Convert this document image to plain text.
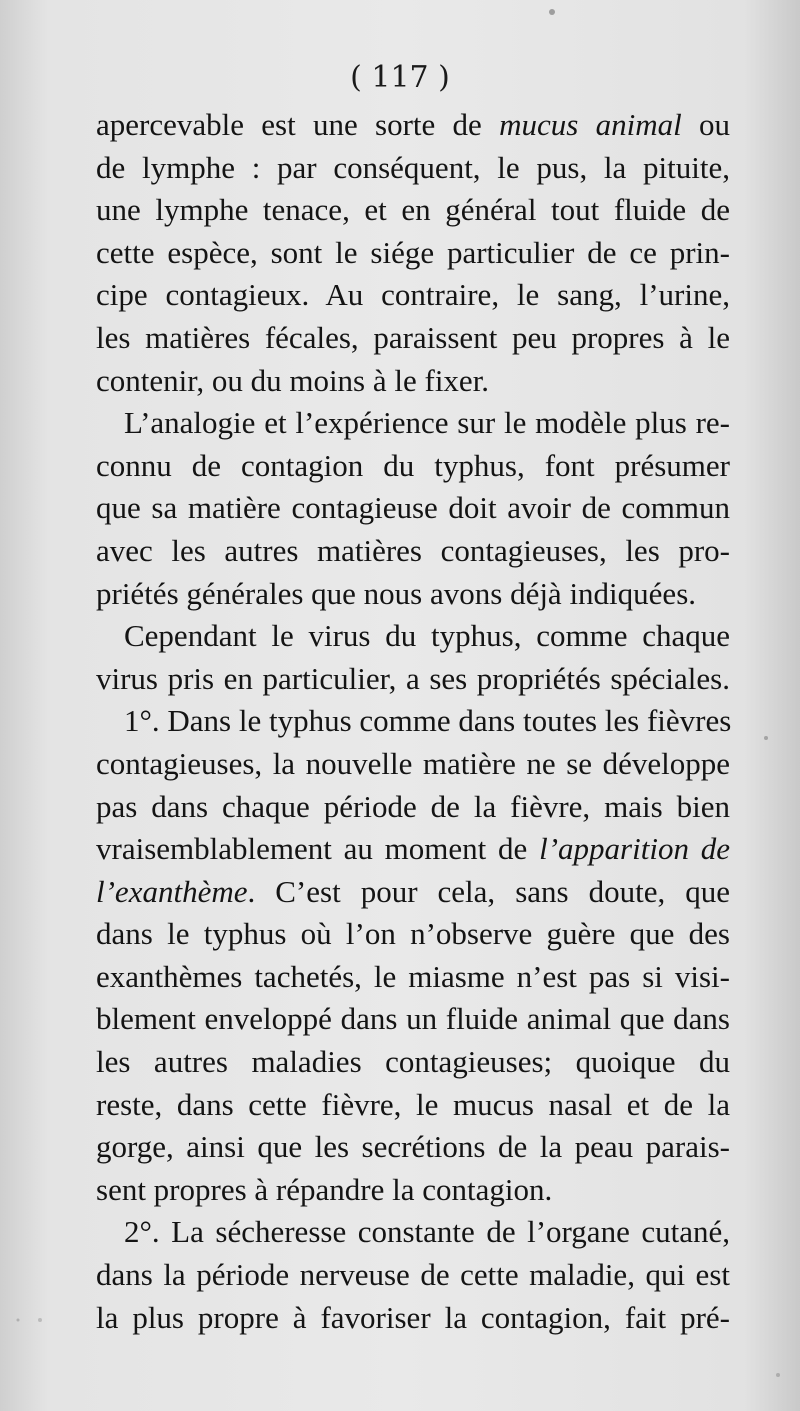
( 117 )
apercevable est une sorte de mucus animal ou
de lymphe : par conséquent, le pus, la pituite,
une lymphe tenace, et en général tout fluide de
cette espèce, sont le siége particulier de ce prin-
cipe contagieux. Au contraire, le sang, l’urine,
les matières fécales, paraissent peu propres à le
contenir, ou du moins à le fixer.
L’analogie et l’expérience sur le modèle plus re-
connu de contagion du typhus, font présumer
que sa matière contagieuse doit avoir de commun
avec les autres matières contagieuses, les pro-
priétés générales que nous avons déjà indiquées.
Cependant le virus du typhus, comme chaque
virus pris en particulier, a ses propriétés spéciales.
1°. Dans le typhus comme dans toutes les fièvres
contagieuses, la nouvelle matière ne se développe
pas dans chaque période de la fièvre, mais bien
vraisemblablement au moment de l’apparition de
l’exanthème. C’est pour cela, sans doute, que
dans le typhus où l’on n’observe guère que des
exanthèmes tachetés, le miasme n’est pas si visi-
blement enveloppé dans un fluide animal que dans
les autres maladies contagieuses; quoique du
reste, dans cette fièvre, le mucus nasal et de la
gorge, ainsi que les secrétions de la peau parais-
sent propres à répandre la contagion.
2°. La sécheresse constante de l’organe cutané,
dans la période nerveuse de cette maladie, qui est
la plus propre à favoriser la contagion, fait pré-
